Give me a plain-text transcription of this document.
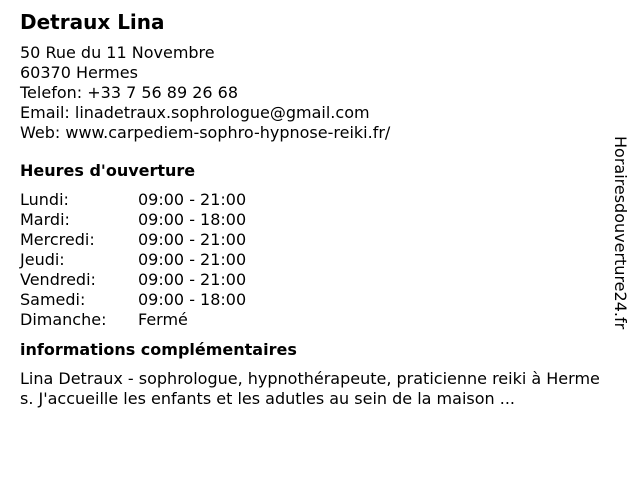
Detraux Lina
50 Rue du 11 Novembre
60370 Hermes
Telefon: +33 7 56 89 26 68
Email: linadetraux.sophrologue@gmail.com
Web: www.carpediem-sophro-hypnose-reiki.fr/
Heures d'ouverture
Lundi:	09:00 - 21:00
Mardi:	09:00 - 18:00
Mercredi:	09:00 - 21:00
Jeudi:	09:00 - 21:00
Vendredi:	09:00 - 21:00
Samedi:	09:00 - 18:00
Dimanche: Fermé
informations complémentaires
Lina Detraux - sophrologue, hypnothérapeute, praticienne reiki à Hermes. J'accueille les enfants et les adutles au sein de la maison ...
Horairesdouverture24.fr
